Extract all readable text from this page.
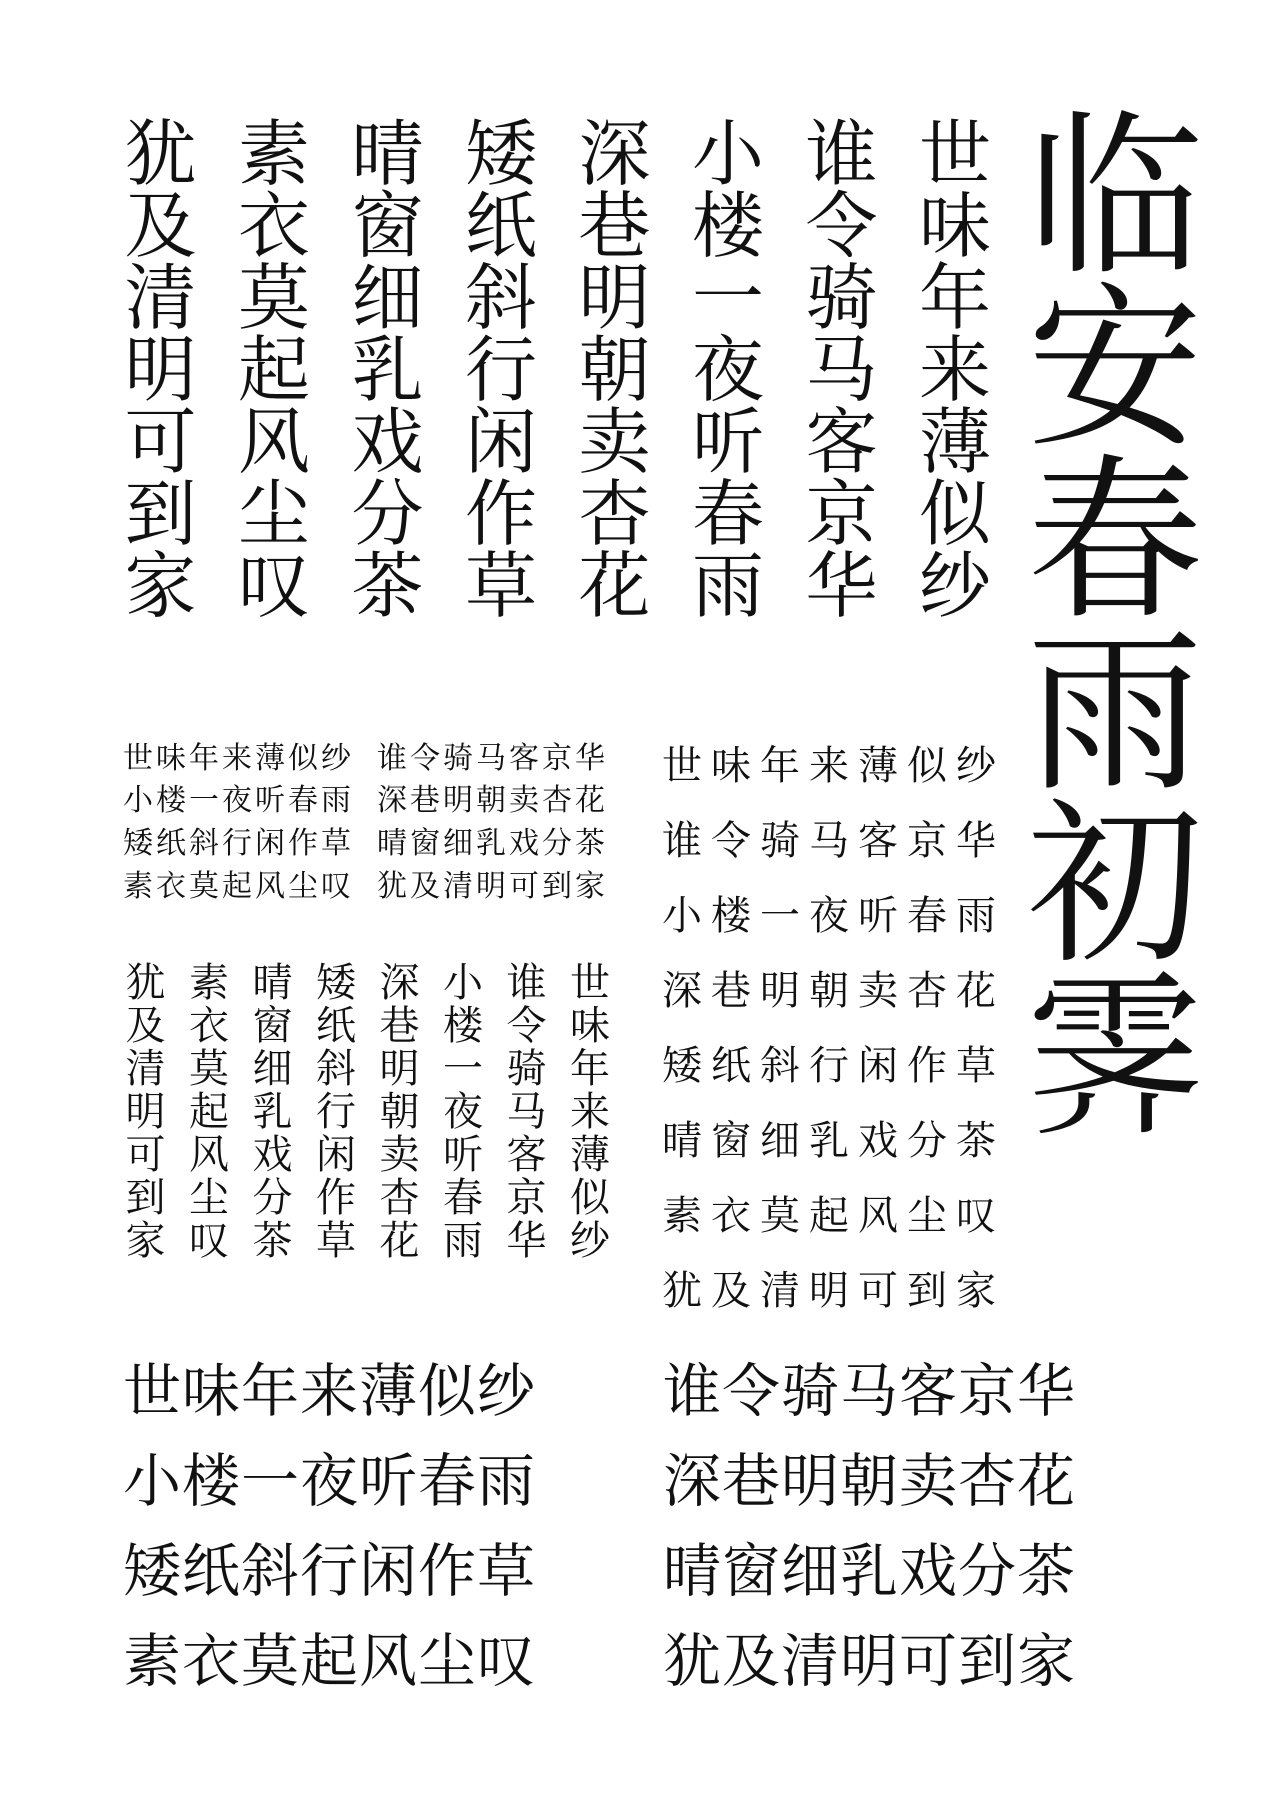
世
味
年
来
薄
似
纱
谁
令
骑
马
客
京
华
小
楼
一
夜
听
春
雨
深
巷
明
朝
卖
杏
花
矮
纸
斜
行
闲
作
草
晴
窗
细
乳
戏
分
茶
素
衣
莫
起
风
尘
叹
犹
及
清
明
可
到
家
临
安
春
雨
初
霁
世味年来薄似纱
小楼一夜听春雨
矮纸斜行闲作草
素衣莫起风尘叹
谁令骑马客京华
深巷明朝卖杏花
晴窗细乳戏分茶
犹及清明可到家
世
味
年
来
薄
似
纱
谁
令
骑
马
客
京
华
小
楼
一
夜
听
春
雨
深
巷
明
朝
卖
杏
花
矮
纸
斜
行
闲
作
草
晴
窗
细
乳
戏
分
茶
素
衣
莫
起
风
尘
叹
犹
及
清
明
可
到
家
世味年来薄似纱
谁令骑马客京华
小楼一夜听春雨
深巷明朝卖杏花
矮纸斜行闲作草
晴窗细乳戏分茶
素衣莫起风尘叹
犹及清明可到家
世味年来薄似纱
小楼一夜听春雨
矮纸斜行闲作草
素衣莫起风尘叹
谁令骑马客京华
深巷明朝卖杏花
晴窗细乳戏分茶
犹及清明可到家
